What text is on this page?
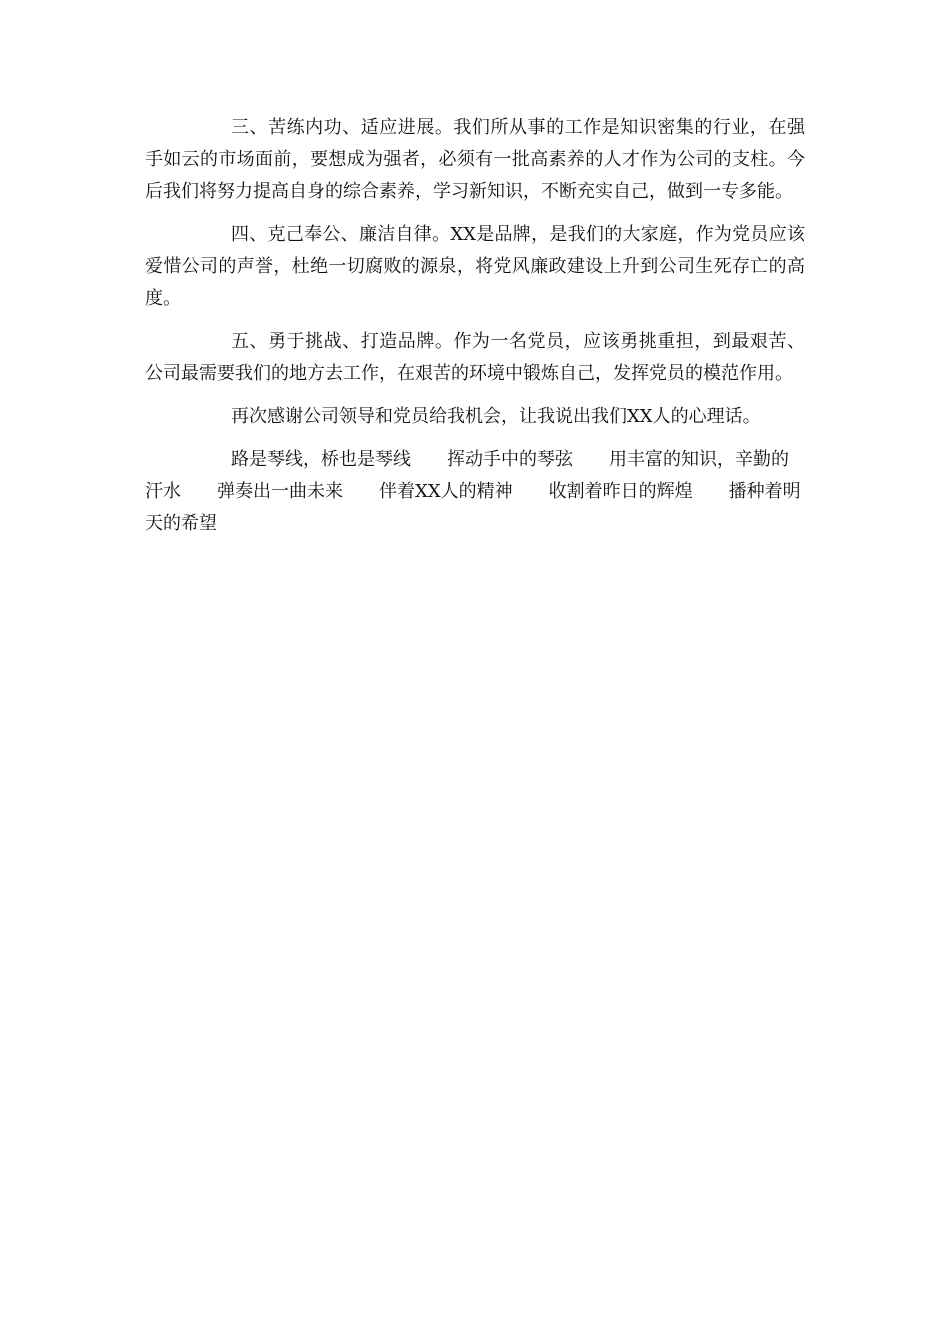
三、苦练内功、适应进展。我们所从事的工作是知识密集的行业，在强手如云的市场面前，要想成为强者，必须有一批高素养的人才作为公司的支柱。今后我们将努力提高自身的综合素养，学习新知识，不断充实自己，做到一专多能。

四、克己奉公、廉洁自律。XX是品牌，是我们的大家庭，作为党员应该爱惜公司的声誉，杜绝一切腐败的源泉，将党风廉政建设上升到公司生死存亡的高度。

五、勇于挑战、打造品牌。作为一名党员，应该勇挑重担，到最艰苦、公司最需要我们的地方去工作，在艰苦的环境中锻炼自己，发挥党员的模范作用。

再次感谢公司领导和党员给我机会，让我说出我们XX人的心理话。

路是琴线，桥也是琴线　　挥动手中的琴弦　　用丰富的知识，辛勤的汗水　　弹奏出一曲未来　　伴着XX人的精神　　收割着昨日的辉煌　　播种着明天的希望
